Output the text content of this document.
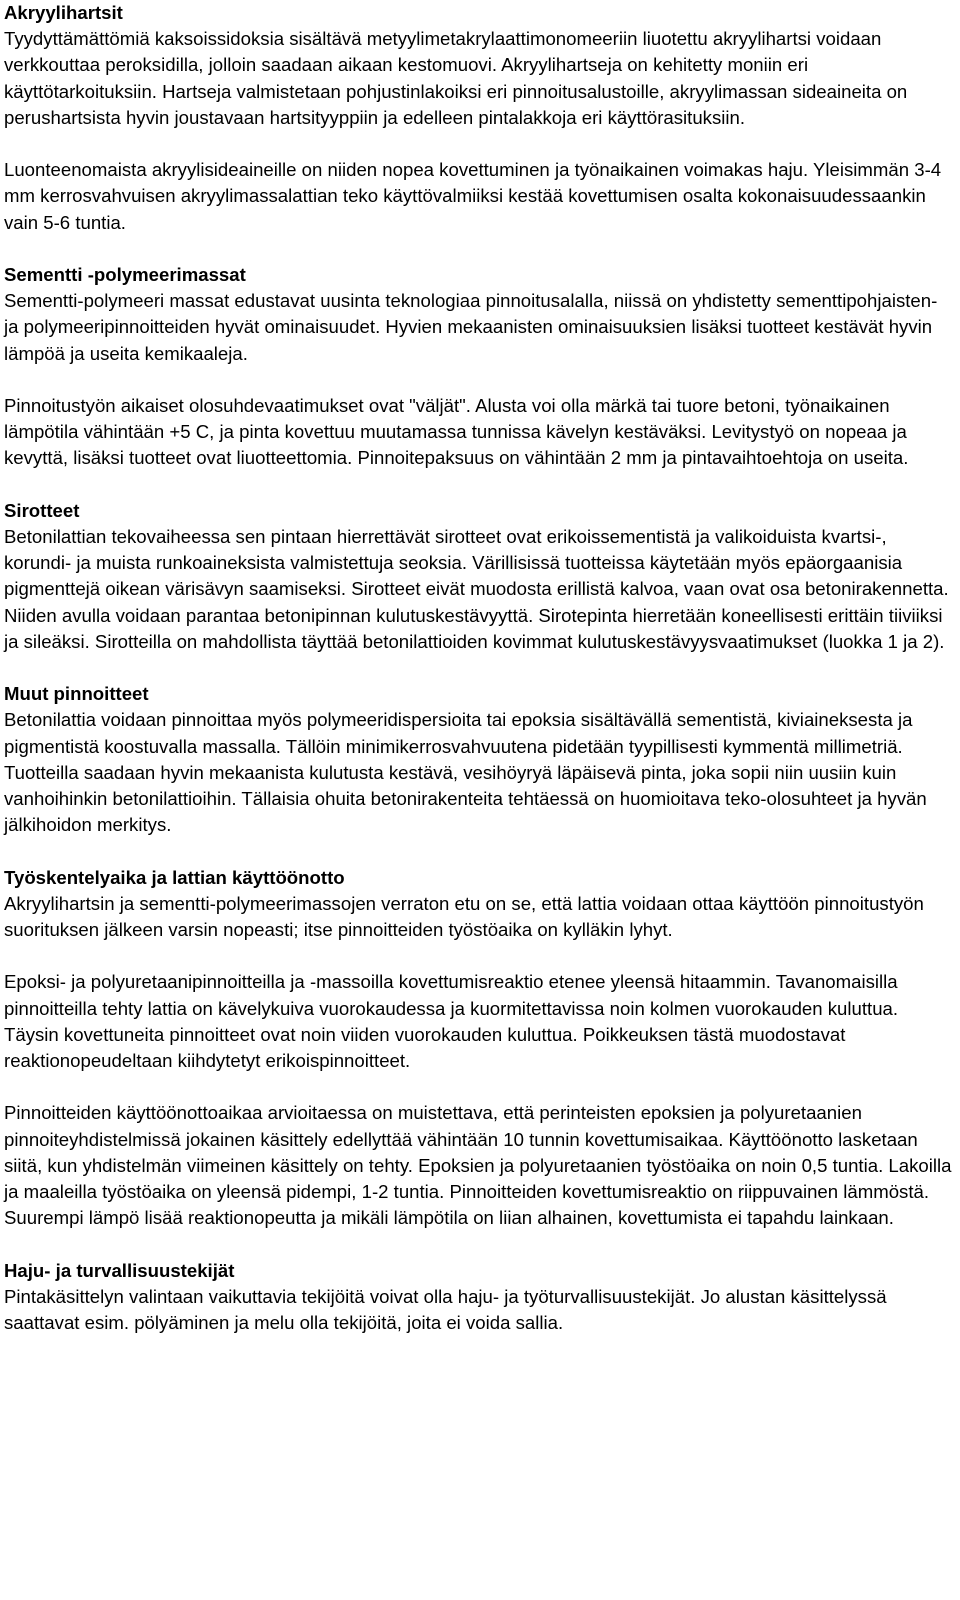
Akryylihartsit

Tyydyttämättömiä kaksoissidoksia sisältävä metyylimetakrylaattimonomeeriin liuotettu akryylihartsi voidaan verkkouttaa peroksidilla, jolloin saadaan aikaan kestomuovi. Akryylihartseja on kehitetty moniin eri käyttötarkoituksiin. Hartseja valmistetaan pohjustinlakoiksi eri pinnoitusalustoille, akryylimassan sideaineita on perushartsista hyvin joustavaan hartsityyppiin ja edelleen pintalakkoja eri käyttörasituksiin.

Luonteenomaista akryylisideaineille on niiden nopea kovettuminen ja työnaikainen voimakas haju. Yleisimmän 3-4 mm kerrosvahvuisen akryylimassalattian teko käyttövalmiiksi kestää kovettumisen osalta kokonaisuudessaankin vain 5-6 tuntia.

Sementti -polymeerimassat

Sementti-polymeeri massat edustavat uusinta teknologiaa pinnoitusalalla, niissä on yhdistetty sementtipohjaisten- ja polymeeripinnoitteiden hyvät ominaisuudet. Hyvien mekaanisten ominaisuuksien lisäksi tuotteet kestävät hyvin lämpöä ja useita kemikaaleja.

Pinnoitustyön aikaiset olosuhdevaatimukset ovat "väljät". Alusta voi olla märkä tai tuore betoni, työnaikainen lämpötila vähintään +5 C, ja pinta kovettuu muutamassa tunnissa kävelyn kestäväksi. Levitystyö on nopeaa ja kevyttä, lisäksi tuotteet ovat liuotteettomia. Pinnoitepaksuus on vähintään 2 mm ja pintavaihtoehtoja on useita.

Sirotteet

Betonilattian tekovaiheessa sen pintaan hierrettävät sirotteet ovat erikoissementistä ja valikoiduista kvartsi-, korundi- ja muista runkoaineksista valmistettuja seoksia. Värillisissä tuotteissa käytetään myös epäorgaanisia pigmenttejä oikean värisävyn saamiseksi. Sirotteet eivät muodosta erillistä kalvoa, vaan ovat osa betonirakennetta. Niiden avulla voidaan parantaa betonipinnan kulutuskestävyyttä. Sirotepinta hierretään koneellisesti erittäin tiiviiksi ja sileäksi. Sirotteilla on mahdollista täyttää betonilattioiden kovimmat kulutuskestävyysvaatimukset (luokka 1 ja 2).

Muut pinnoitteet

Betonilattia voidaan pinnoittaa myös polymeeridispersioita tai epoksia sisältävällä sementistä, kiviaineksesta ja pigmentistä koostuvalla massalla. Tällöin minimikerrosvahvuutena pidetään tyypillisesti kymmentä millimetriä. Tuotteilla saadaan hyvin mekaanista kulutusta kestävä, vesihöyryä läpäisevä pinta, joka sopii niin uusiin kuin vanhoihinkin betonilattioihin. Tällaisia ohuita betonirakenteita tehtäessä on huomioitava teko-olosuhteet ja hyvän jälkihoidon merkitys.

Työskentelyaika ja lattian käyttöönotto

Akryylihartsin ja sementti-polymeerimassojen verraton etu on se, että lattia voidaan ottaa käyttöön pinnoitustyön suorituksen jälkeen varsin nopeasti; itse pinnoitteiden työstöaika on kylläkin lyhyt.

Epoksi- ja polyuretaanipinnoitteilla ja -massoilla kovettumisreaktio etenee yleensä hitaammin. Tavanomaisilla pinnoitteilla tehty lattia on kävelykuiva vuorokaudessa ja kuormitettavissa noin kolmen vuorokauden kuluttua. Täysin kovettuneita pinnoitteet ovat noin viiden vuorokauden kuluttua. Poikkeuksen tästä muodostavat reaktionopeudeltaan kiihdytetyt erikoispinnoitteet.

Pinnoitteiden käyttöönottoaikaa arvioitaessa on muistettava, että perinteisten epoksien ja polyuretaanien pinnoiteyhdistelmissä jokainen käsittely edellyttää vähintään 10 tunnin kovettumisaikaa. Käyttöönotto lasketaan siitä, kun yhdistelmän viimeinen käsittely on tehty. Epoksien ja polyuretaanien työstöaika on noin 0,5 tuntia. Lakoilla ja maaleilla työstöaika on yleensä pidempi, 1-2 tuntia. Pinnoitteiden kovettumisreaktio on riippuvainen lämmöstä. Suurempi lämpö lisää reaktionopeutta ja mikäli lämpötila on liian alhainen, kovettumista ei tapahdu lainkaan.

Haju- ja turvallisuustekijät

Pintakäsittelyn valintaan vaikuttavia tekijöitä voivat olla haju- ja työturvallisuustekijät. Jo alustan käsittelyssä saattavat esim. pölyäminen ja melu olla tekijöitä, joita ei voida sallia.
